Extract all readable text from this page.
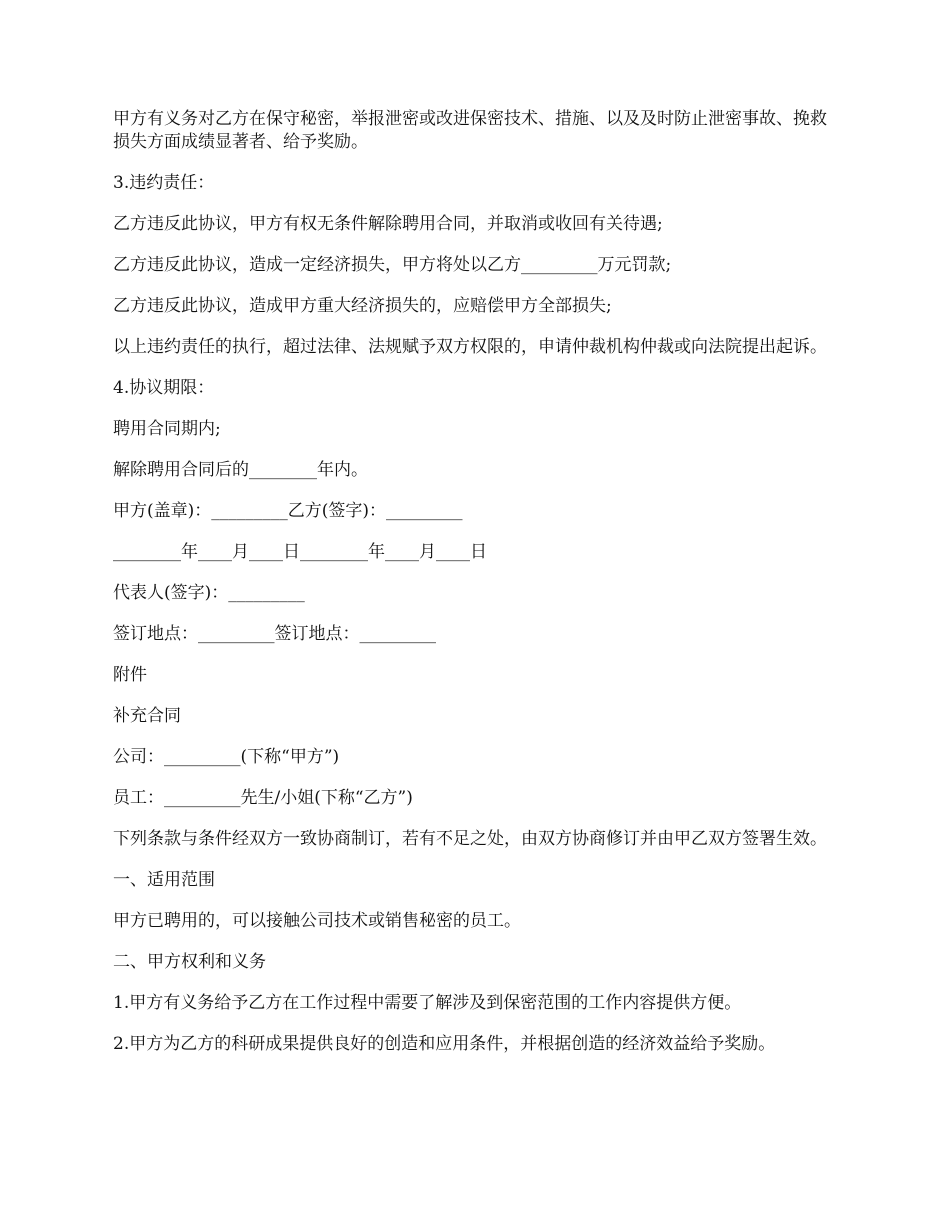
甲方有义务对乙方在保守秘密，举报泄密或改进保密技术、措施、以及及时防止泄密事故、挽救损失方面成绩显著者、给予奖励。

3.违约责任：

乙方违反此协议，甲方有权无条件解除聘用合同，并取消或收回有关待遇;

乙方违反此协议，造成一定经济损失，甲方将处以乙方_________万元罚款;

乙方违反此协议，造成甲方重大经济损失的，应赔偿甲方全部损失;

以上违约责任的执行，超过法律、法规赋予双方权限的，申请仲裁机构仲裁或向法院提出起诉。

4.协议期限：

聘用合同期内;

解除聘用合同后的________年内。

甲方(盖章)：_________乙方(签字)：_________

________年____月____日________年____月____日

代表人(签字)：_________

签订地点：_________签订地点：_________

附件

补充合同

公司：_________(下称“甲方”)

员工：_________先生/小姐(下称“乙方”)

下列条款与条件经双方一致协商制订，若有不足之处，由双方协商修订并由甲乙双方签署生效。

一、适用范围

甲方已聘用的，可以接触公司技术或销售秘密的员工。

二、甲方权利和义务

1.甲方有义务给予乙方在工作过程中需要了解涉及到保密范围的工作内容提供方便。

2.甲方为乙方的科研成果提供良好的创造和应用条件，并根据创造的经济效益给予奖励。
